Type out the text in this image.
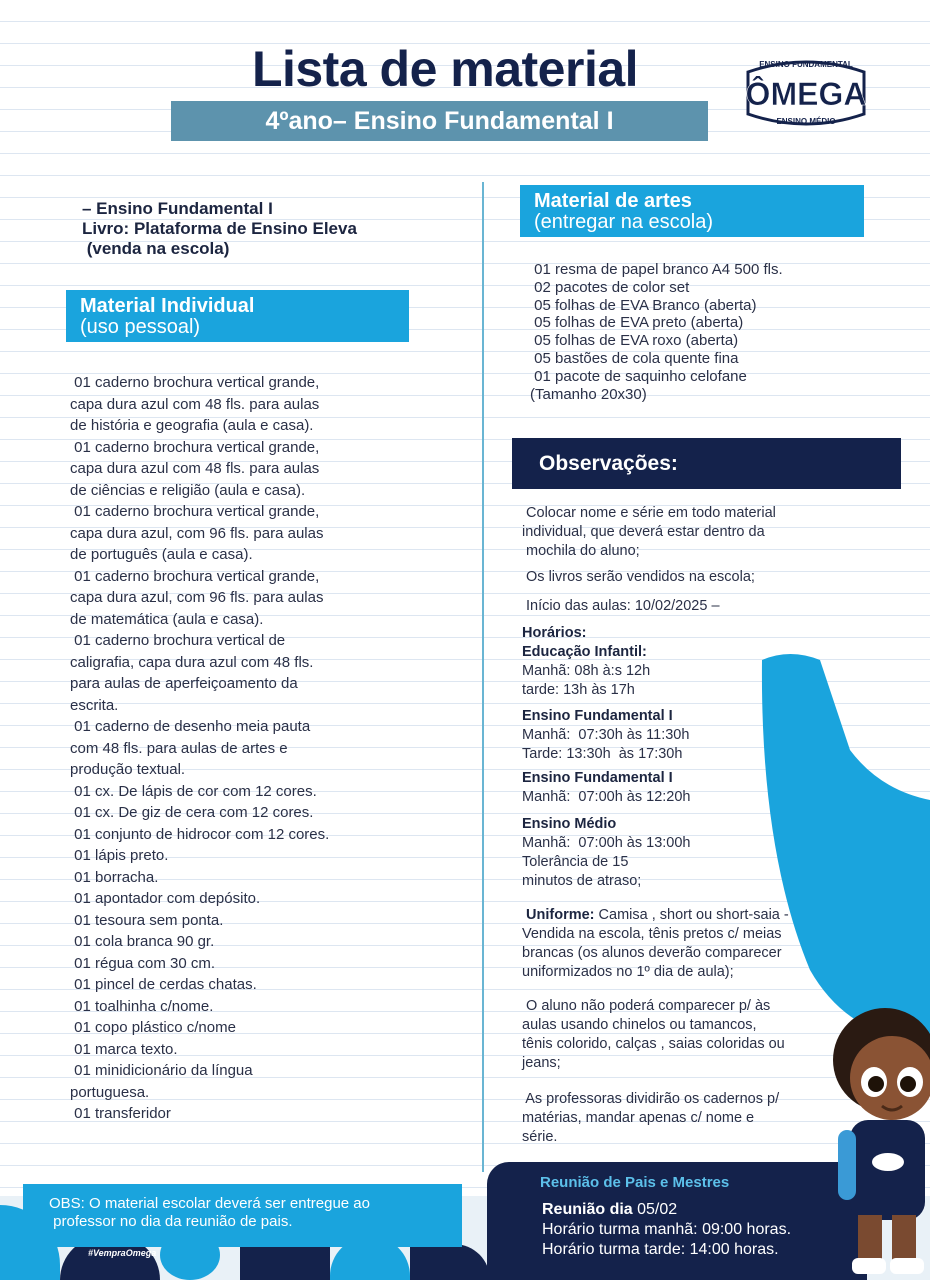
Lista de material
4ºano– Ensino Fundamental I
ENSINO FUNDAMENTAL
ÔMEGA
ENSINO MÉDIO
– Ensino Fundamental I
Livro: Plataforma de Ensino Eleva
(venda na escola)
Material Individual
(uso pessoal)
01 caderno brochura vertical grande,
capa dura azul com 48 fls. para aulas
de história e geografia (aula e casa).
01 caderno brochura vertical grande,
capa dura azul com 48 fls. para aulas
de ciências e religião (aula e casa).
01 caderno brochura vertical grande,
capa dura azul, com 96 fls. para aulas
de português (aula e casa).
01 caderno brochura vertical grande,
capa dura azul, com 96 fls. para aulas
de matemática (aula e casa).
01 caderno brochura vertical de
caligrafia, capa dura azul com 48 fls.
para aulas de aperfeiçoamento da
escrita.
01 caderno de desenho meia pauta
com 48 fls. para aulas de artes e
produção textual.
01 cx. De lápis de cor com 12 cores.
01 cx. De giz de cera com 12 cores.
01 conjunto de hidrocor com 12 cores.
01 lápis preto.
01 borracha.
01 apontador com depósito.
01 tesoura sem ponta.
01 cola branca 90 gr.
01 régua com 30 cm.
01 pincel de cerdas chatas.
01 toalhinha c/nome.
01 copo plástico c/nome
01 marca texto.
01 minidicionário da língua
portuguesa.
01 transferidor
Material de artes
(entregar na escola)
01 resma de papel branco A4 500 fls.
02 pacotes de color set
05 folhas de EVA Branco (aberta)
05 folhas de EVA preto (aberta)
05 folhas de EVA roxo (aberta)
05 bastões de cola quente fina
01 pacote de saquinho celofane
(Tamanho 20x30)
Observações:
Colocar nome e série em todo material
individual, que deverá estar dentro da
mochila do aluno;
Os livros serão vendidos na escola;
Início das aulas: 10/02/2025 –
Horários:
Educação Infantil:
Manhã: 08h à:s 12h
tarde: 13h às 17h
Ensino Fundamental I
Manhã:  07:30h às 11:30h
Tarde: 13:30h  às 17:30h
Ensino Fundamental I
Manhã:  07:00h às 12:20h
Ensino Médio
Manhã:  07:00h às 13:00h
Tolerância de 15
minutos de atraso;
Uniforme: Camisa , short ou short-saia -
Vendida na escola, tênis pretos c/ meias
brancas (os alunos deverão comparecer
uniformizados no 1º dia de aula);
O aluno não poderá comparecer p/ às
aulas usando chinelos ou tamancos,
tênis colorido, calças , saias coloridas ou
jeans;
As professoras dividirão os cadernos p/
matérias, mandar apenas c/ nome e
série.
#VempraOmega
OBS: O material escolar deverá ser entregue ao
professor no dia da reunião de pais.
Reunião de Pais e Mestres
Reunião dia 05/02
Horário turma manhã: 09:00 horas.
Horário turma tarde: 14:00 horas.
